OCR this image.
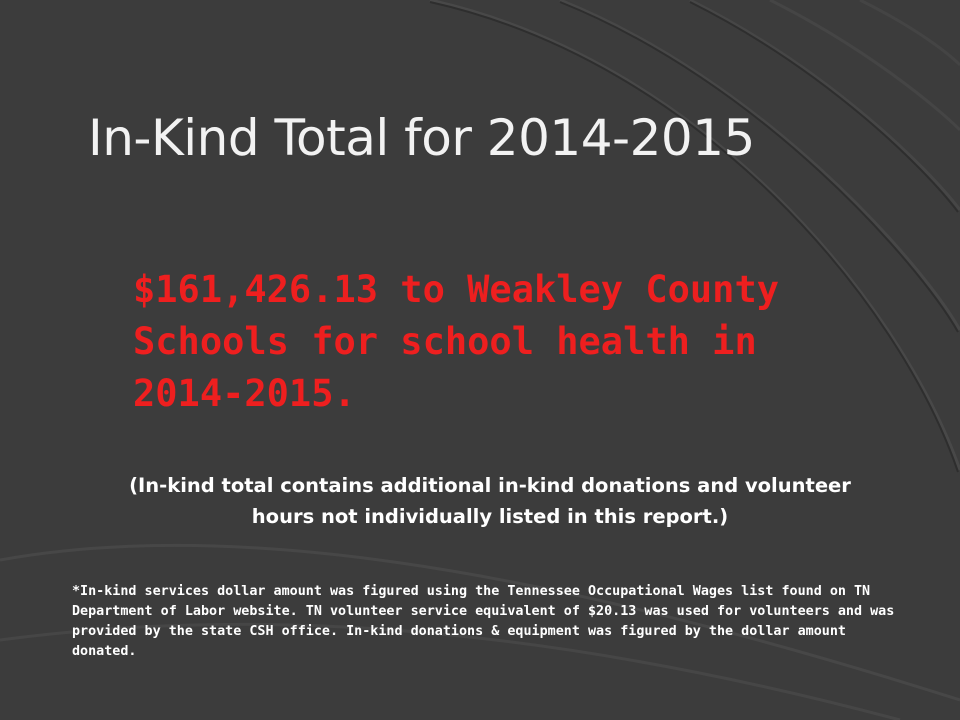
In-Kind Total for 2014-2015

$161,426.13 to Weakley County Schools for school health in 2014-2015.

(In-kind total contains additional in-kind donations and volunteer hours not individually listed in this report.)

*In-kind services dollar amount was figured using the Tennessee Occupational Wages list found on TN Department of Labor website. TN volunteer service equivalent of $20.13 was used for volunteers and was provided by the state CSH office. In-kind donations & equipment was figured by the dollar amount donated.
